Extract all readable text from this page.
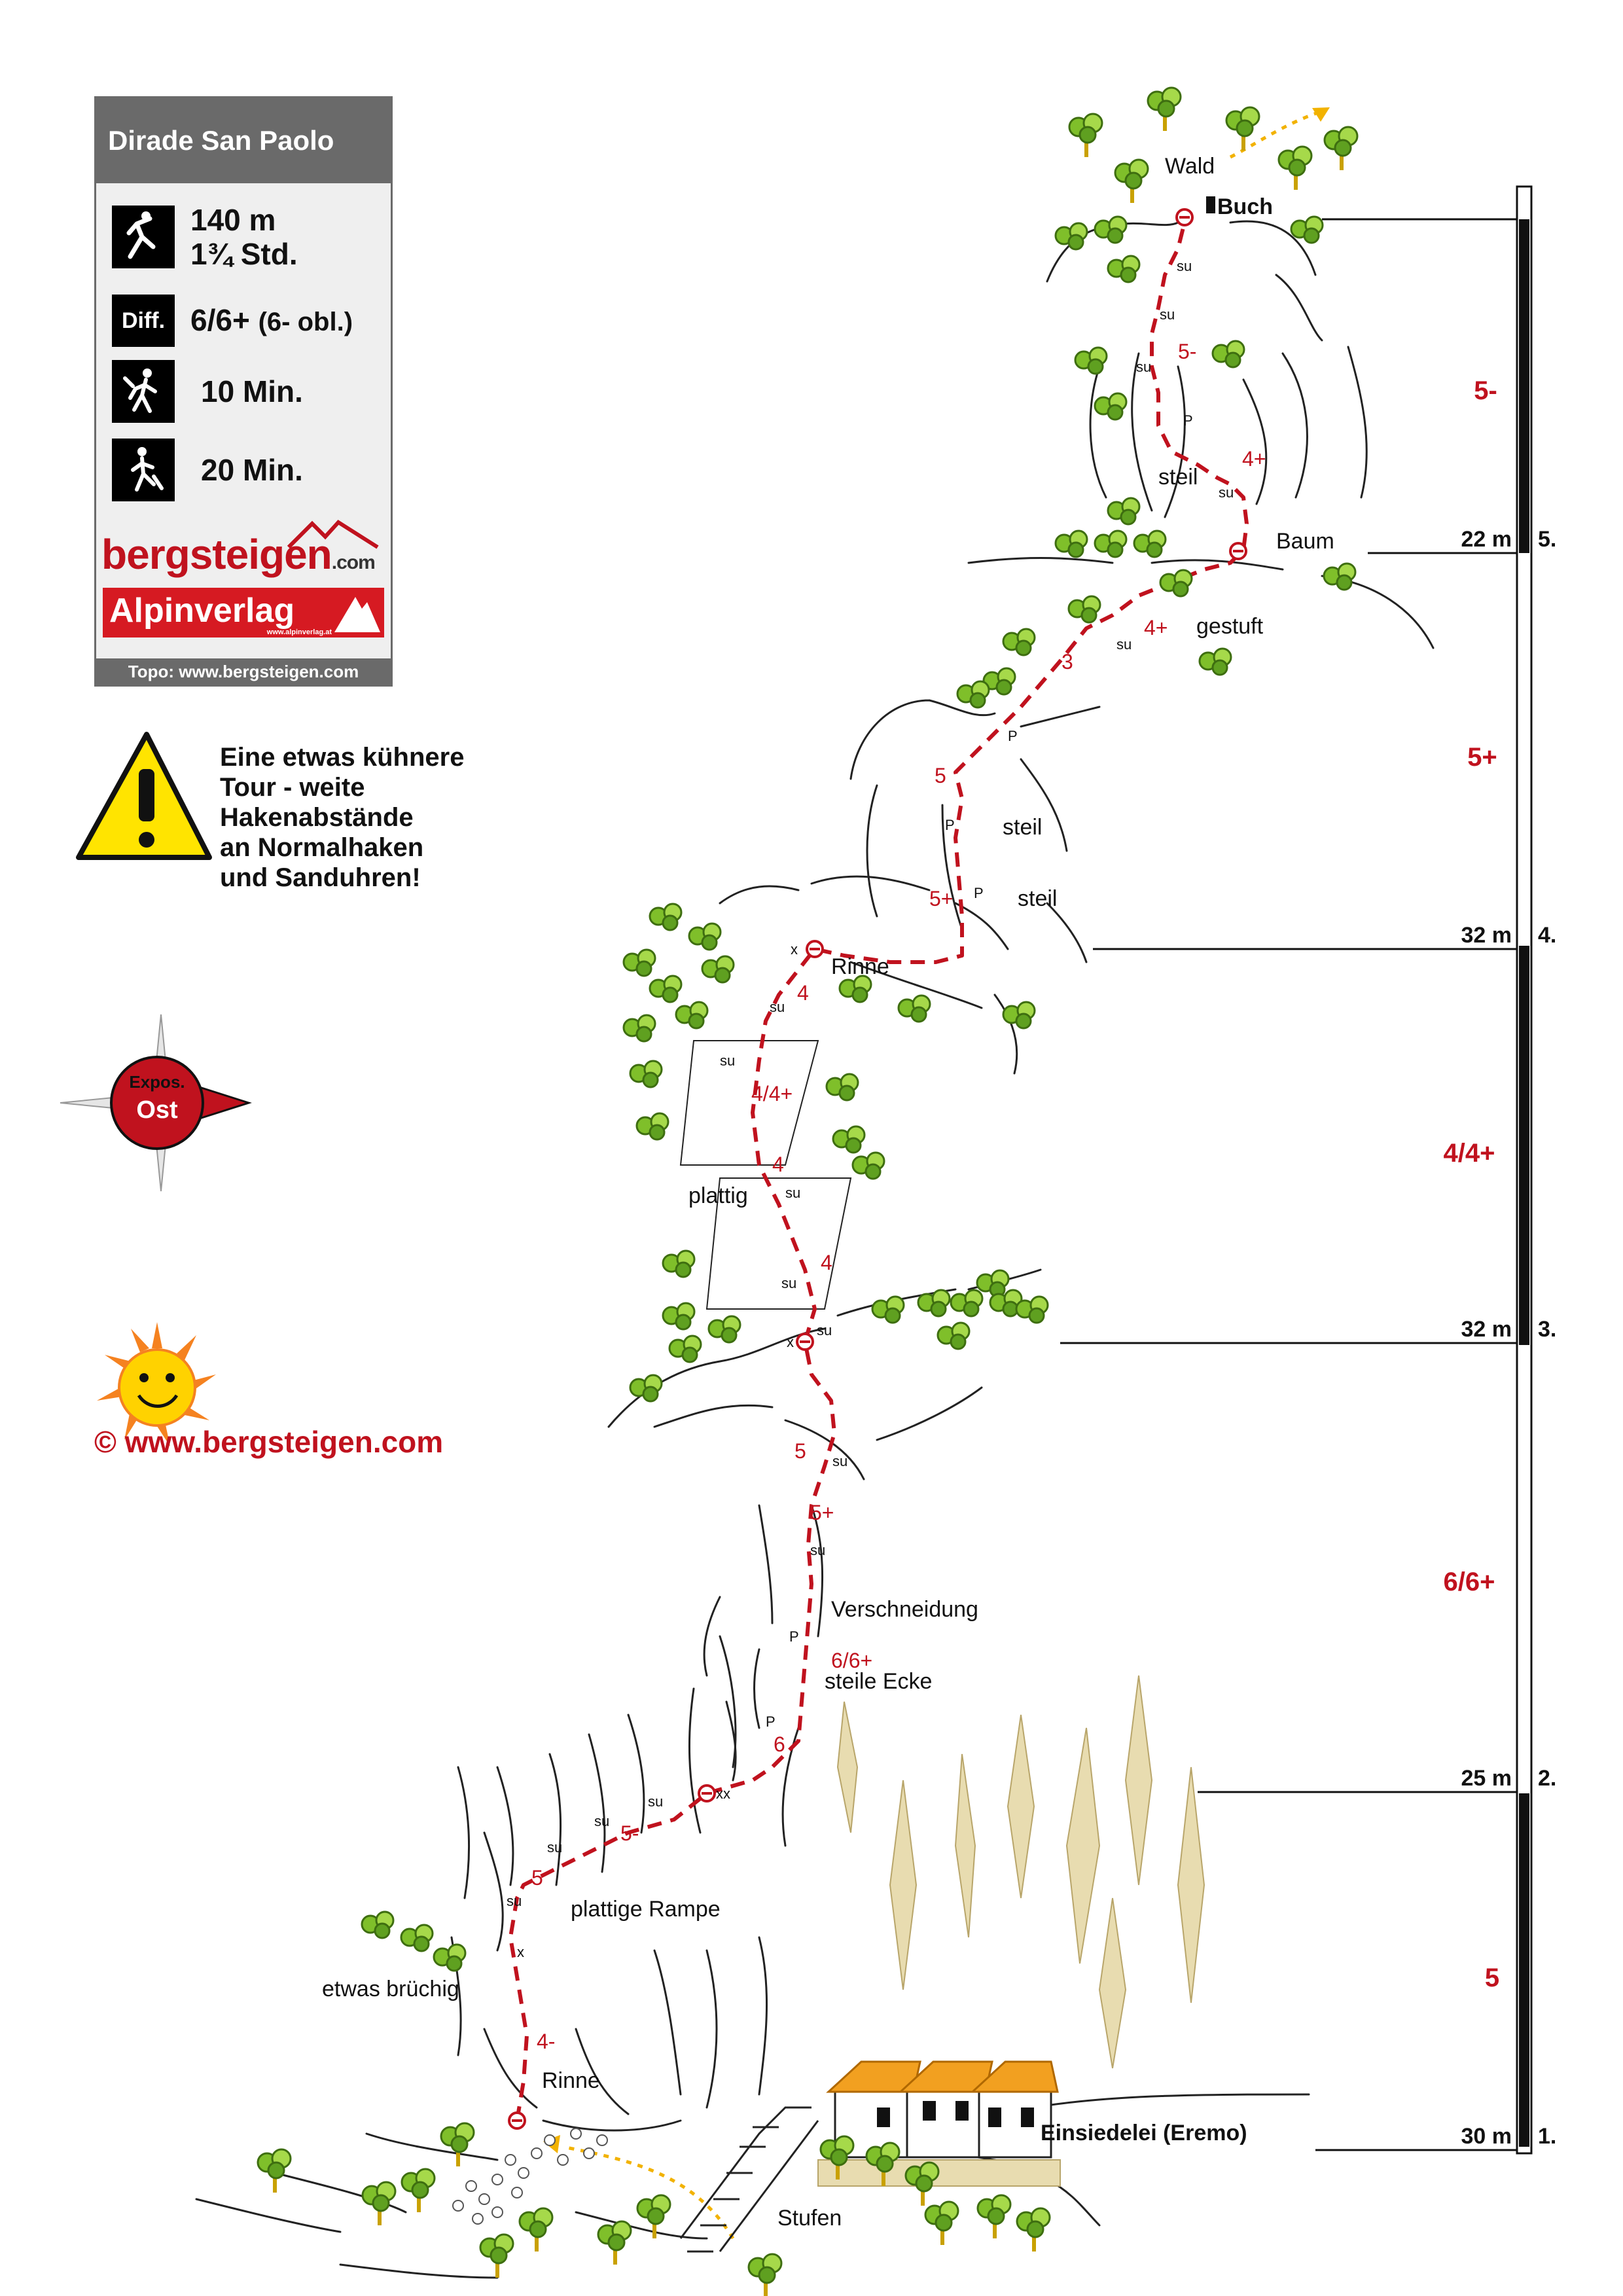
22 m 5.
32 m 4.
32 m 3.
25 m 2.
30 m 1.
5-
5+
4/4+
6/6+
5
Wald
Buch
Baum
gestuft
steil
steil
steil
Rinne
plattig
Verschneidung
steile Ecke
plattige Rampe
etwas brüchig
Rinne
Einsiedelei (Eremo)
Stufen
5-
4+
4+
3
5
5+
4
4/4+
4
4
5
5+
6/6+
6
5-
5
4-
su
su
su
su
su
su
su
su
su
su
su
su
su
su
su
su
P
P
P
P
P
P
x
x
x
xx
Expos.
Ost
Dirade San Paolo
140 m
1¾ Std.
Diff. 6/6+ (6- obl.)
10 Min.
20 Min.
bergsteigen.com
Alpinverlag
www.alpinverlag.at
Topo: www.bergsteigen.com
Eine etwas kühnere
Tour - weite
Hakenabstände
an Normalhaken
und Sanduhren!
© www.bergsteigen.com
